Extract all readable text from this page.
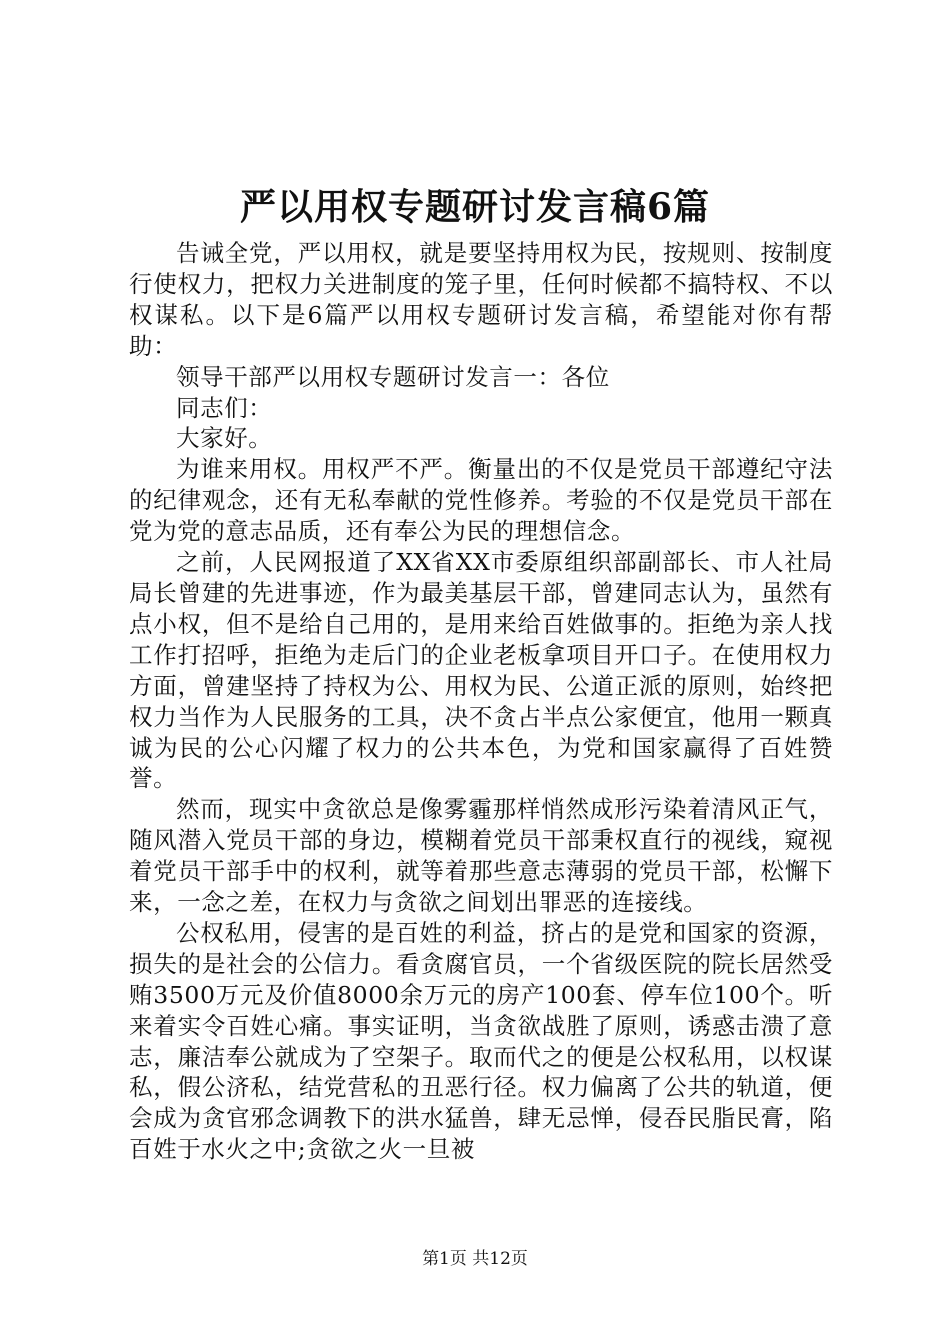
严以用权专题研讨发言稿6篇

告诫全党，严以用权，就是要坚持用权为民，按规则、按制度行使权力，把权力关进制度的笼子里，任何时候都不搞特权、不以权谋私。以下是6篇严以用权专题研讨发言稿，希望能对你有帮助：

领导干部严以用权专题研讨发言一：各位

同志们：

大家好。

为谁来用权。用权严不严。衡量出的不仅是党员干部遵纪守法的纪律观念，还有无私奉献的党性修养。考验的不仅是党员干部在党为党的意志品质，还有奉公为民的理想信念。

之前，人民网报道了XX省XX市委原组织部副部长、市人社局局长曾建的先进事迹，作为最美基层干部，曾建同志认为，虽然有点小权，但不是给自己用的，是用来给百姓做事的。拒绝为亲人找工作打招呼，拒绝为走后门的企业老板拿项目开口子。在使用权力方面，曾建坚持了持权为公、用权为民、公道正派的原则，始终把权力当作为人民服务的工具，决不贪占半点公家便宜，他用一颗真诚为民的公心闪耀了权力的公共本色，为党和国家赢得了百姓赞誉。

然而，现实中贪欲总是像雾霾那样悄然成形污染着清风正气，随风潜入党员干部的身边，模糊着党员干部秉权直行的视线，窥视着党员干部手中的权利，就等着那些意志薄弱的党员干部，松懈下来，一念之差，在权力与贪欲之间划出罪恶的连接线。

公权私用，侵害的是百姓的利益，挤占的是党和国家的资源，损失的是社会的公信力。看贪腐官员，一个省级医院的院长居然受贿3500万元及价值8000余万元的房产100套、停车位100个。听来着实令百姓心痛。事实证明，当贪欲战胜了原则，诱惑击溃了意志，廉洁奉公就成为了空架子。取而代之的便是公权私用，以权谋私，假公济私，结党营私的丑恶行径。权力偏离了公共的轨道，便会成为贪官邪念调教下的洪水猛兽，肆无忌惮，侵吞民脂民膏，陷百姓于水火之中;贪欲之火一旦被

第1页 共12页
